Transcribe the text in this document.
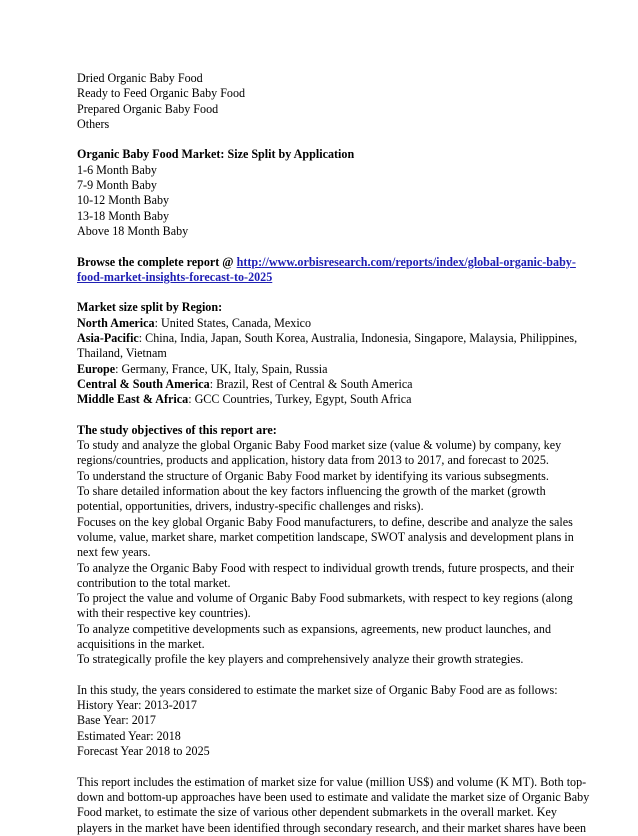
Dried Organic Baby Food
Ready to Feed Organic Baby Food
Prepared Organic Baby Food
Others
Organic Baby Food Market: Size Split by Application
1-6 Month Baby
7-9 Month Baby
10-12 Month Baby
13-18 Month Baby
Above 18 Month Baby
Browse the complete report @ http://www.orbisresearch.com/reports/index/global-organic-baby-
food-market-insights-forecast-to-2025
Market size split by Region:
North America: United States, Canada, Mexico
Asia-Pacific: China, India, Japan, South Korea, Australia, Indonesia, Singapore, Malaysia, Philippines,
Thailand, Vietnam
Europe: Germany, France, UK, Italy, Spain, Russia
Central & South America: Brazil, Rest of Central & South America
Middle East & Africa: GCC Countries, Turkey, Egypt, South Africa
The study objectives of this report are:
To study and analyze the global Organic Baby Food market size (value & volume) by company, key
regions/countries, products and application, history data from 2013 to 2017, and forecast to 2025.
To understand the structure of Organic Baby Food market by identifying its various subsegments.
To share detailed information about the key factors influencing the growth of the market (growth
potential, opportunities, drivers, industry-specific challenges and risks).
Focuses on the key global Organic Baby Food manufacturers, to define, describe and analyze the sales
volume, value, market share, market competition landscape, SWOT analysis and development plans in
next few years.
To analyze the Organic Baby Food with respect to individual growth trends, future prospects, and their
contribution to the total market.
To project the value and volume of Organic Baby Food submarkets, with respect to key regions (along
with their respective key countries).
To analyze competitive developments such as expansions, agreements, new product launches, and
acquisitions in the market.
To strategically profile the key players and comprehensively analyze their growth strategies.
In this study, the years considered to estimate the market size of Organic Baby Food are as follows:
History Year: 2013-2017
Base Year: 2017
Estimated Year: 2018
Forecast Year 2018 to 2025
This report includes the estimation of market size for value (million US$) and volume (K MT). Both top-
down and bottom-up approaches have been used to estimate and validate the market size of Organic Baby
Food market, to estimate the size of various other dependent submarkets in the overall market. Key
players in the market have been identified through secondary research, and their market shares have been
